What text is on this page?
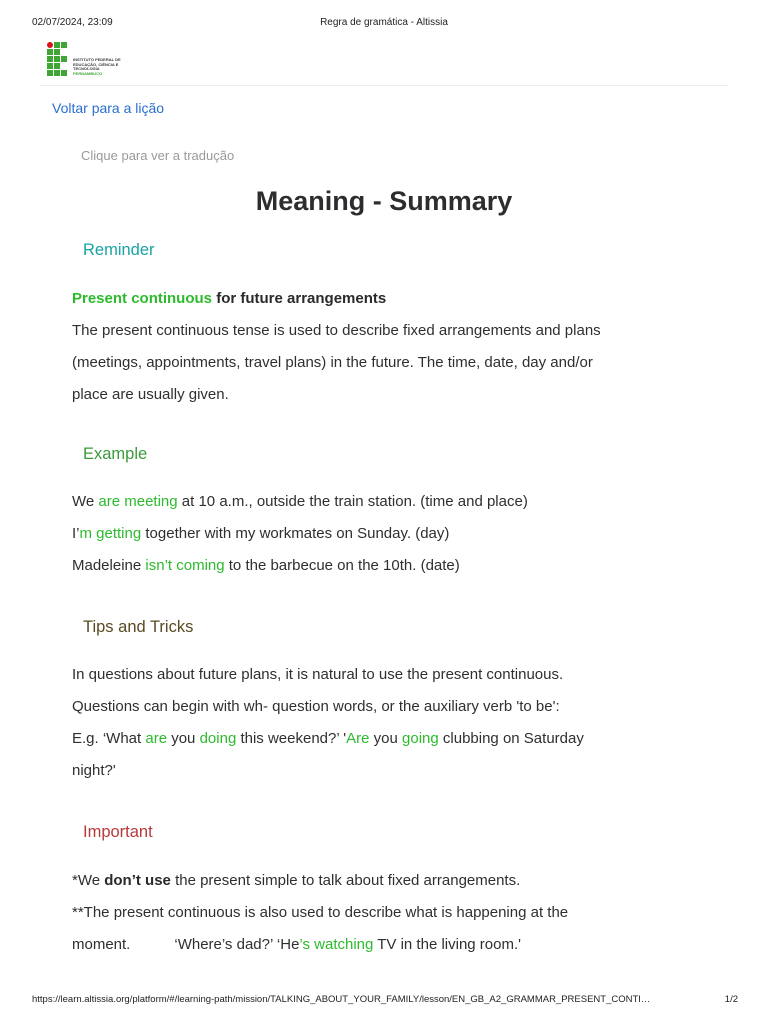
02/07/2024, 23:09	Regra de gramática - Altissia
INSTITUTO FEDERAL DE
EDUCAÇÃO, CIÊNCIA E TECNOLOGIA
PERNAMBUCO
Voltar para a lição
Clique para ver a tradução
Meaning - Summary
Reminder
Present continuous for future arrangements
The present continuous tense is used to describe fixed arrangements and plans
(meetings, appointments, travel plans) in the future. The time, date, day and/or
place are usually given.
Example
We are meeting at 10 a.m., outside the train station. (time and place)
I’m getting together with my workmates on Sunday. (day)
Madeleine isn’t coming to the barbecue on the 10th. (date)
Tips and Tricks
In questions about future plans, it is natural to use the present continuous.
Questions can begin with wh- question words, or the auxiliary verb 'to be':
E.g. ‘What are you doing this weekend?’ 'Are you going clubbing on Saturday
night?'
Important
*We don’t use the present simple to talk about fixed arrangements.
**The present continuous is also used to describe what is happening at the
moment.	‘Where’s dad?’ ‘He’s watching TV in the living room.'
https://learn.altissia.org/platform/#/learning-path/mission/TALKING_ABOUT_YOUR_FAMILY/lesson/EN_GB_A2_GRAMMAR_PRESENT_CONTI…	1/2
